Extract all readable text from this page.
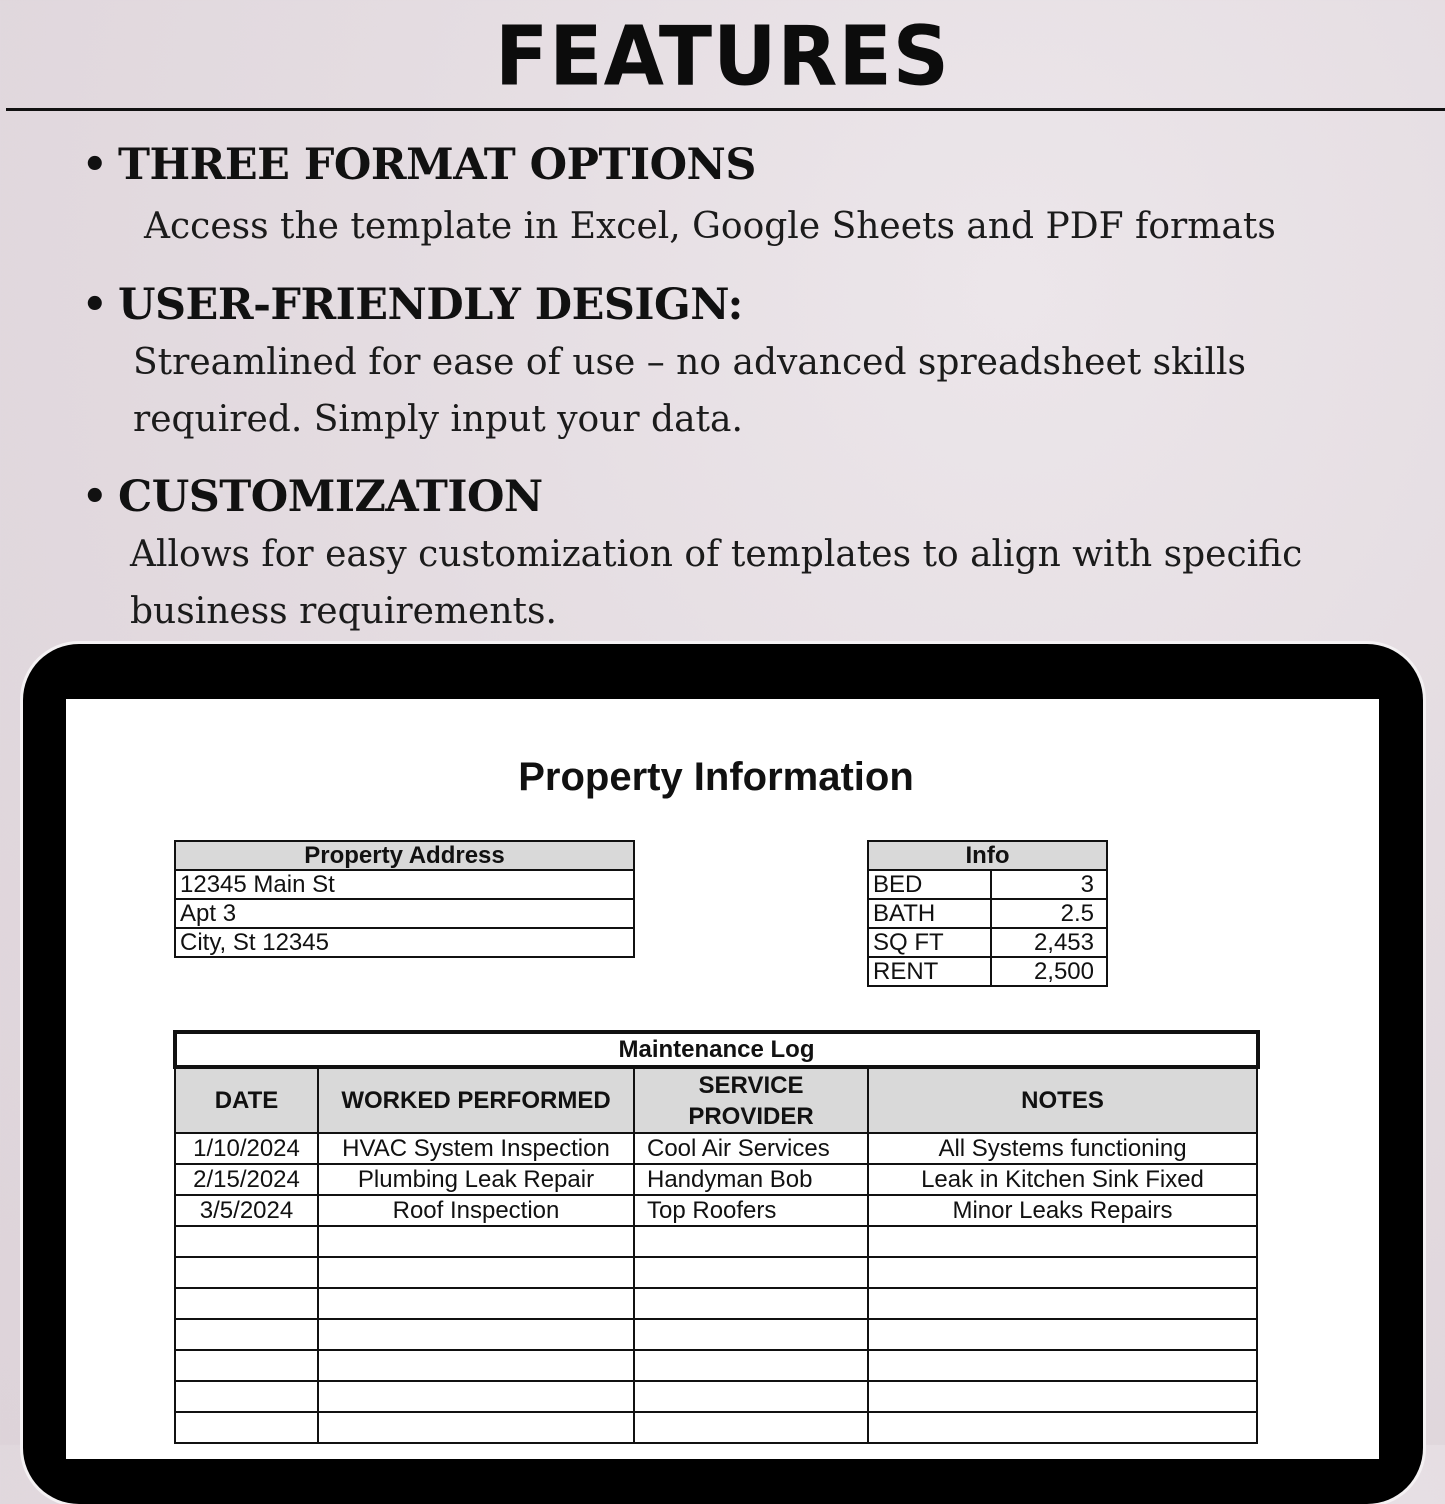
FEATURES
• THREE FORMAT OPTIONS
Access the template in Excel, Google Sheets and PDF formats
• USER-FRIENDLY DESIGN:
Streamlined for ease of use – no advanced spreadsheet skills
required. Simply input your data.
• CUSTOMIZATION
Allows for easy customization of templates to align with specific
business requirements.
Property Information
Property Address
12345 Main St
Apt 3
City, St 12345
Info	
BED	3
BATH	2.5
SQ FT	2,453
RENT	2,500
Maintenance Log
DATE	WORKED PERFORMED	SERVICE PROVIDER	NOTES
1/10/2024	HVAC System Inspection	Cool Air Services	All Systems functioning
2/15/2024	Plumbing Leak Repair	Handyman Bob	Leak in Kitchen Sink Fixed
3/5/2024	Roof Inspection	Top Roofers	Minor Leaks Repairs
